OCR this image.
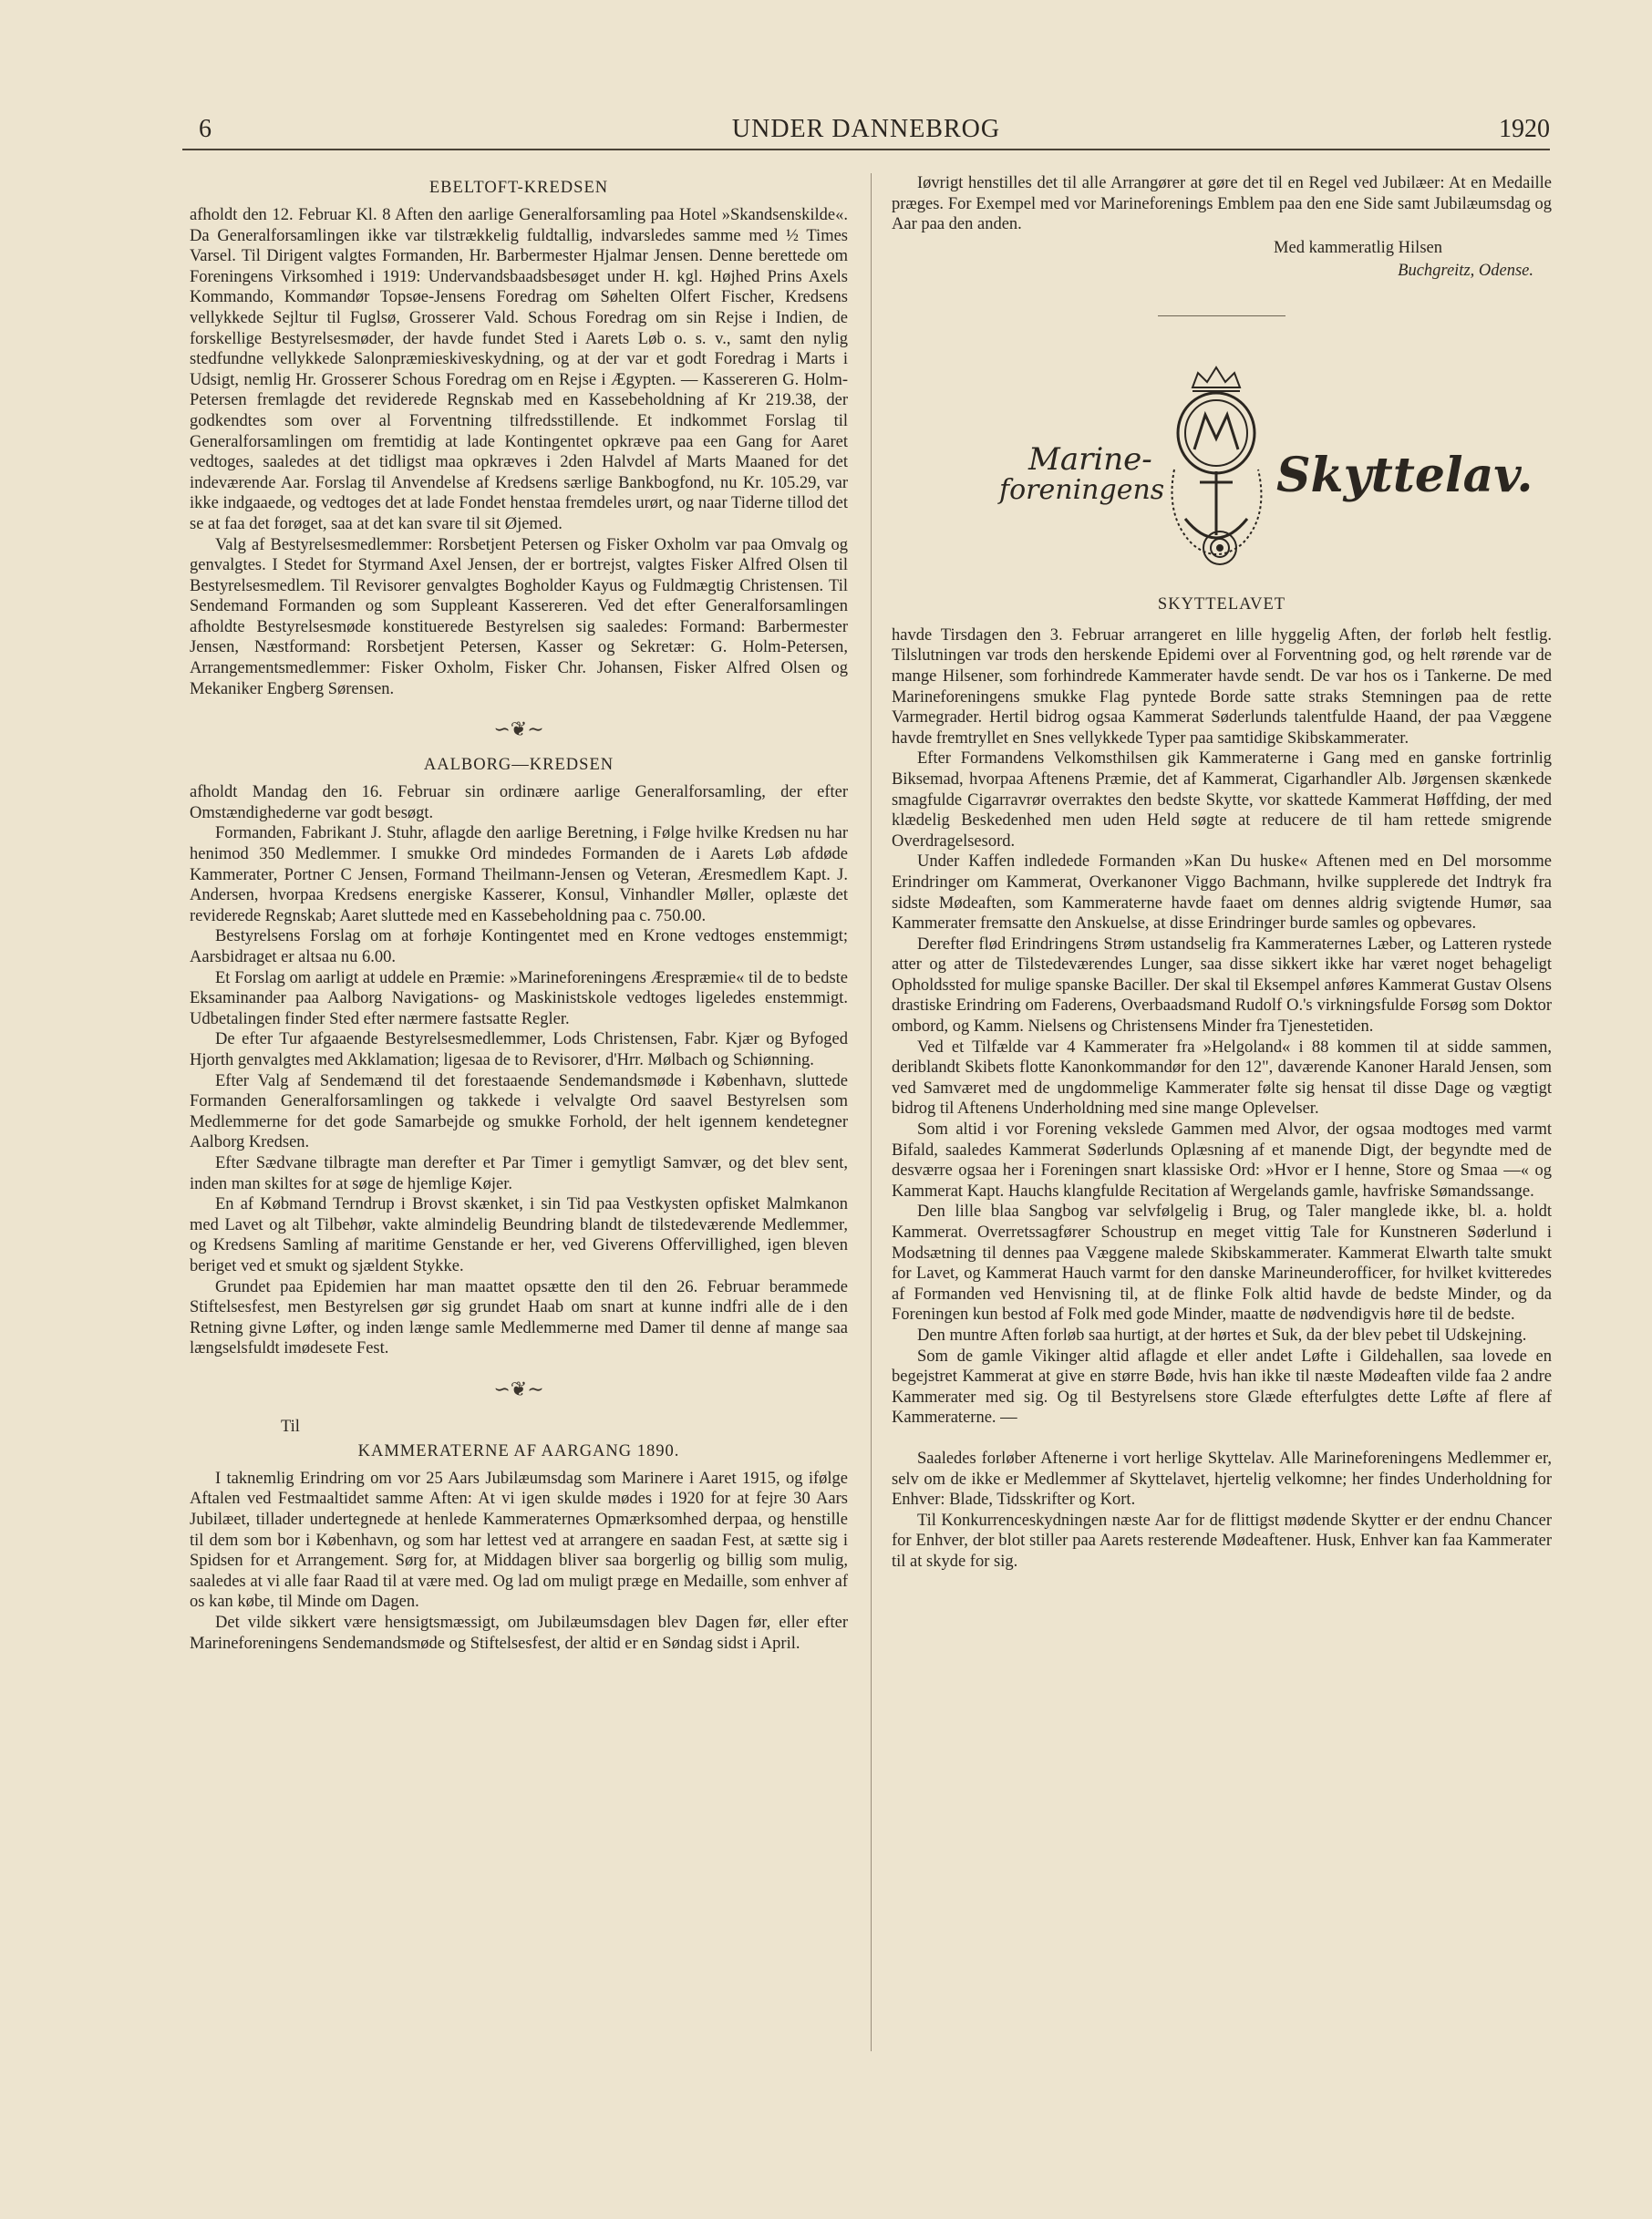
6	UNDER DANNEBROG	1920
EBELTOFT-KREDSEN

afholdt den 12. Februar Kl. 8 Aften den aarlige Generalforsamling paa Hotel »Skandsenskilde«. Da Generalforsamlingen ikke var tilstrækkelig fuldtallig, indvarsledes samme med ½ Times Varsel. Til Dirigent valgtes Formanden, Hr. Barbermester Hjalmar Jensen. Denne berettede om Foreningens Virksomhed i 1919: Undervandsbaadsbesøget under H. kgl. Højhed Prins Axels Kommando, Kommandør Topsøe-Jensens Foredrag om Søhelten Olfert Fischer, Kredsens vellykkede Sejltur til Fuglsø, Grosserer Vald. Schous Foredrag om sin Rejse i Indien, de forskellige Bestyrelsesmøder, der havde fundet Sted i Aarets Løb o. s. v., samt den nylig stedfundne vellykkede Salonpræmieskiveskydning, og at der var et godt Foredrag i Marts i Udsigt, nemlig Hr. Grosserer Schous Foredrag om en Rejse i Ægypten. — Kassereren G. Holm-Petersen fremlagde det reviderede Regnskab med en Kassebeholdning af Kr 219.38, der godkendtes som over al Forventning tilfredsstillende. Et indkommet Forslag til Generalforsamlingen om fremtidig at lade Kontingentet opkræve paa een Gang for Aaret vedtoges, saaledes at det tidligst maa opkræves i 2den Halvdel af Marts Maaned for det indeværende Aar. Forslag til Anvendelse af Kredsens særlige Bankbogfond, nu Kr. 105.29, var ikke indgaaede, og vedtoges det at lade Fondet henstaa fremdeles urørt, og naar Tiderne tillod det se at faa det forøget, saa at det kan svare til sit Øjemed.

Valg af Bestyrelsesmedlemmer: Rorsbetjent Petersen og Fisker Oxholm var paa Omvalg og genvalgtes. I Stedet for Styrmand Axel Jensen, der er bortrejst, valgtes Fisker Alfred Olsen til Bestyrelsesmedlem. Til Revisorer genvalgtes Bogholder Kayus og Fuldmægtig Christensen. Til Sendemand Formanden og som Suppleant Kassereren. Ved det efter Generalforsamlingen afholdte Bestyrelsesmøde konstituerede Bestyrelsen sig saaledes: Formand: Barbermester Jensen, Næstformand: Rorsbetjent Petersen, Kasser og Sekretær: G. Holm-Petersen, Arrangementsmedlemmer: Fisker Oxholm, Fisker Chr. Johansen, Fisker Alfred Olsen og Mekaniker Engberg Sørensen.

∽❦∼
AALBORG—KREDSEN

afholdt Mandag den 16. Februar sin ordinære aarlige Generalforsamling, der efter Omstændighederne var godt besøgt.

Formanden, Fabrikant J. Stuhr, aflagde den aarlige Beretning, i Følge hvilke Kredsen nu har henimod 350 Medlemmer. I smukke Ord mindedes Formanden de i Aarets Løb afdøde Kammerater, Portner C Jensen, Formand Theilmann-Jensen og Veteran, Æresmedlem Kapt. J. Andersen, hvorpaa Kredsens energiske Kasserer, Konsul, Vinhandler Møller, oplæste det reviderede Regnskab; Aaret sluttede med en Kassebeholdning paa c. 750.00.

Bestyrelsens Forslag om at forhøje Kontingentet med en Krone vedtoges enstemmigt; Aarsbidraget er altsaa nu 6.00.

Et Forslag om aarligt at uddele en Præmie: »Marineforeningens Ærespræmie« til de to bedste Eksaminander paa Aalborg Navigations- og Maskinistskole vedtoges ligeledes enstemmigt. Udbetalingen finder Sted efter nærmere fastsatte Regler.

De efter Tur afgaaende Bestyrelsesmedlemmer, Lods Christensen, Fabr. Kjær og Byfoged Hjorth genvalgtes med Akklamation; ligesaa de to Revisorer, d'Hrr. Mølbach og Schiønning.

Efter Valg af Sendemænd til det forestaaende Sendemandsmøde i København, sluttede Formanden Generalforsamlingen og takkede i velvalgte Ord saavel Bestyrelsen som Medlemmerne for det gode Samarbejde og smukke Forhold, der helt igennem kendetegner Aalborg Kredsen.

Efter Sædvane tilbragte man derefter et Par Timer i gemytligt Samvær, og det blev sent, inden man skiltes for at søge de hjemlige Køjer.

En af Købmand Terndrup i Brovst skænket, i sin Tid paa Vestkysten opfisket Malmkanon med Lavet og alt Tilbehør, vakte almindelig Beundring blandt de tilstedeværende Medlemmer, og Kredsens Samling af maritime Genstande er her, ved Giverens Offervillighed, igen bleven beriget ved et smukt og sjældent Stykke.

Grundet paa Epidemien har man maattet opsætte den til den 26. Februar berammede Stiftelsesfest, men Bestyrelsen gør sig grundet Haab om snart at kunne indfri alle de i den Retning givne Løfter, og inden længe samle Medlemmerne med Damer til denne af mange saa længselsfuldt imødesete Fest.

∽❦∼
Til
KAMMERATERNE AF AARGANG 1890.

I taknemlig Erindring om vor 25 Aars Jubilæumsdag som Marinere i Aaret 1915, og ifølge Aftalen ved Festmaaltidet samme Aften: At vi igen skulde mødes i 1920 for at fejre 30 Aars Jubilæet, tillader undertegnede at henlede Kammeraternes Opmærksomhed derpaa, og henstille til dem som bor i København, og som har lettest ved at arrangere en saadan Fest, at sætte sig i Spidsen for et Arrangement. Sørg for, at Middagen bliver saa borgerlig og billig som mulig, saaledes at vi alle faar Raad til at være med. Og lad om muligt præge en Medaille, som enhver af os kan købe, til Minde om Dagen.

Det vilde sikkert være hensigtsmæssigt, om Jubilæumsdagen blev Dagen før, eller efter Marineforeningens Sendemandsmøde og Stiftelsesfest, der altid er en Søndag sidst i April.

Iøvrigt henstilles det til alle Arrangører at gøre det til en Regel ved Jubilæer: At en Medaille præges. For Exempel med vor Marineforenings Emblem paa den ene Side samt Jubilæumsdag og Aar paa den anden.

Med kammeratlig Hilsen
Buchgreitz, Odense.
Marine-
foreningens Skyttelav.
SKYTTELAVET

havde Tirsdagen den 3. Februar arrangeret en lille hyggelig Aften, der forløb helt festlig. Tilslutningen var trods den herskende Epidemi over al Forventning god, og helt rørende var de mange Hilsener, som forhindrede Kammerater havde sendt. De var hos os i Tankerne. De med Marineforeningens smukke Flag pyntede Borde satte straks Stemningen paa de rette Varmegrader. Hertil bidrog ogsaa Kammerat Søderlunds talentfulde Haand, der paa Væggene havde fremtryllet en Snes vellykkede Typer paa samtidige Skibskammerater.

Efter Formandens Velkomsthilsen gik Kammeraterne i Gang med en ganske fortrinlig Biksemad, hvorpaa Aftenens Præmie, det af Kammerat, Cigarhandler Alb. Jørgensen skænkede smagfulde Cigarravrør overraktes den bedste Skytte, vor skattede Kammerat Høffding, der med klædelig Beskedenhed men uden Held søgte at reducere de til ham rettede smigrende Overdragelsesord.

Under Kaffen indledede Formanden »Kan Du huske« Aftenen med en Del morsomme Erindringer om Kammerat, Overkanoner Viggo Bachmann, hvilke supplerede det Indtryk fra sidste Mødeaften, som Kammeraterne havde faaet om dennes aldrig svigtende Humør, saa Kammerater fremsatte den Anskuelse, at disse Erindringer burde samles og opbevares.

Derefter flød Erindringens Strøm ustandselig fra Kammeraternes Læber, og Latteren rystede atter og atter de Tilstedeværendes Lunger, saa disse sikkert ikke har været noget behageligt Opholdssted for mulige spanske Baciller. Der skal til Eksempel anføres Kammerat Gustav Olsens drastiske Erindring om Faderens, Overbaadsmand Rudolf O.'s virkningsfulde Forsøg som Doktor ombord, og Kamm. Nielsens og Christensens Minder fra Tjenestetiden.

Ved et Tilfælde var 4 Kammerater fra »Helgoland« i 88 kommen til at sidde sammen, deriblandt Skibets flotte Kanonkommandør for den 12", daværende Kanoner Harald Jensen, som ved Samværet med de ungdommelige Kammerater følte sig hensat til disse Dage og vægtigt bidrog til Aftenens Underholdning med sine mange Oplevelser.

Som altid i vor Forening vekslede Gammen med Alvor, der ogsaa modtoges med varmt Bifald, saaledes Kammerat Søderlunds Oplæsning af et manende Digt, der begyndte med de desværre ogsaa her i Foreningen snart klassiske Ord: »Hvor er I henne, Store og Smaa —« og Kammerat Kapt. Hauchs klangfulde Recitation af Wergelands gamle, havfriske Sømandssange.

Den lille blaa Sangbog var selvfølgelig i Brug, og Taler manglede ikke, bl. a. holdt Kammerat. Overretssagfører Schoustrup en meget vittig Tale for Kunstneren Søderlund i Modsætning til dennes paa Væggene malede Skibskammerater. Kammerat Elwarth talte smukt for Lavet, og Kammerat Hauch varmt for den danske Marineunderofficer, for hvilket kvitteredes af Formanden ved Henvisning til, at de flinke Folk altid havde de bedste Minder, og da Foreningen kun bestod af Folk med gode Minder, maatte de nødvendigvis høre til de bedste.

Den muntre Aften forløb saa hurtigt, at der hørtes et Suk, da der blev pebet til Udskejning.

Som de gamle Vikinger altid aflagde et eller andet Løfte i Gildehallen, saa lovede en begejstret Kammerat at give en større Bøde, hvis han ikke til næste Mødeaften vilde faa 2 andre Kammerater med sig. Og til Bestyrelsens store Glæde efterfulgtes dette Løfte af flere af Kammeraterne. —

Saaledes forløber Aftenerne i vort herlige Skyttelav. Alle Marineforeningens Medlemmer er, selv om de ikke er Medlemmer af Skyttelavet, hjertelig velkomne; her findes Underholdning for Enhver: Blade, Tidsskrifter og Kort.

Til Konkurrenceskydningen næste Aar for de flittigst mødende Skytter er der endnu Chancer for Enhver, der blot stiller paa Aarets resterende Mødeaftener. Husk, Enhver kan faa Kammerater til at skyde for sig.
